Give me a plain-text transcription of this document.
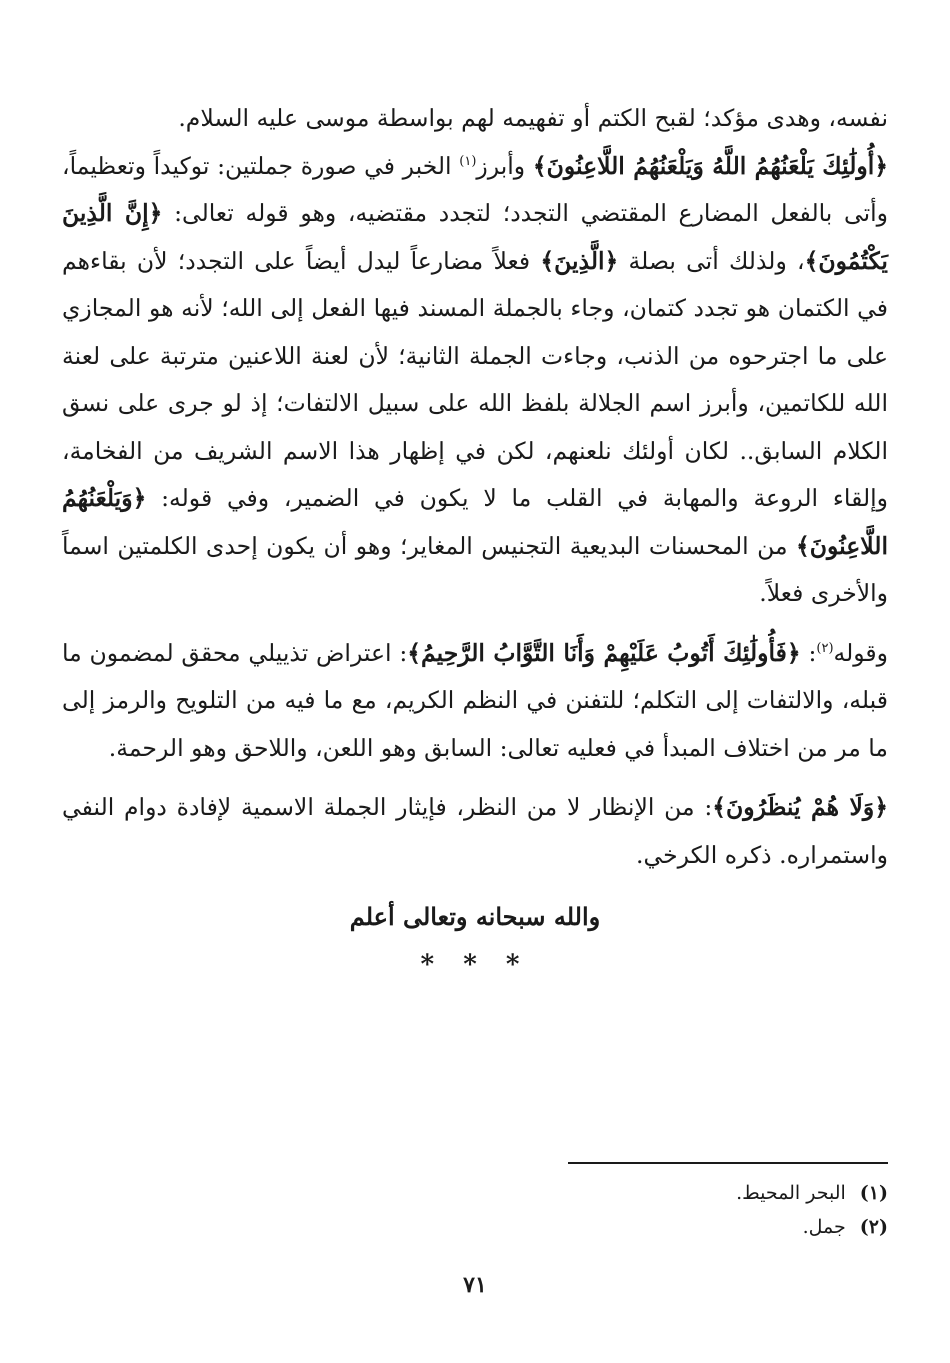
نفسه، وهدى مؤكد؛ لقبح الكتم أو تفهيمه لهم بواسطة موسى عليه السلام.

﴿أُولَٰئِكَ يَلْعَنُهُمُ اللَّهُ وَيَلْعَنُهُمُ اللَّاعِنُونَ﴾ وأبرز$^{(١)}$ الخبر في صورة جملتين: توكيداً وتعظيماً، وأتى بالفعل المضارع المقتضي التجدد؛ لتجدد مقتضيه، وهو قوله تعالى: ﴿إِنَّ الَّذِينَ يَكْتُمُونَ﴾، ولذلك أتى بصلة ﴿الَّذِينَ﴾ فعلاً مضارعاً ليدل أيضاً على التجدد؛ لأن بقاءهم في الكتمان هو تجدد كتمان، وجاء بالجملة المسند فيها الفعل إلى الله؛ لأنه هو المجازي على ما اجترحوه من الذنب، وجاءت الجملة الثانية؛ لأن لعنة اللاعنين مترتبة على لعنة الله للكاتمين، وأبرز اسم الجلالة بلفظ الله على سبيل الالتفات؛ إذ لو جرى على نسق الكلام السابق.. لكان أولئك نلعنهم، لكن في إظهار هذا الاسم الشريف من الفخامة، وإلقاء الروعة والمهابة في القلب ما لا يكون في الضمير، وفي قوله: ﴿وَيَلْعَنُهُمُ اللَّاعِنُونَ﴾ من المحسنات البديعية التجنيس المغاير؛ وهو أن يكون إحدى الكلمتين اسماً والأخرى فعلاً.

وقوله$^{(٢)}$: ﴿فَأُولَٰئِكَ أَتُوبُ عَلَيْهِمْ وَأَنَا التَّوَّابُ الرَّحِيمُ﴾: اعتراض تذييلي محقق لمضمون ما قبله، والالتفات إلى التكلم؛ للتفنن في النظم الكريم، مع ما فيه من التلويح والرمز إلى ما مر من اختلاف المبدأ في فعليه تعالى: السابق وهو اللعن، واللاحق وهو الرحمة.

﴿وَلَا هُمْ يُنظَرُونَ﴾: من الإنظار لا من النظر، فإيثار الجملة الاسمية لإفادة دوام النفي واستمراره. ذكره الكرخي.

والله سبحانه وتعالى أعلم
* * *
(١)البحر المحيط.
(٢)جمل.
٧١
